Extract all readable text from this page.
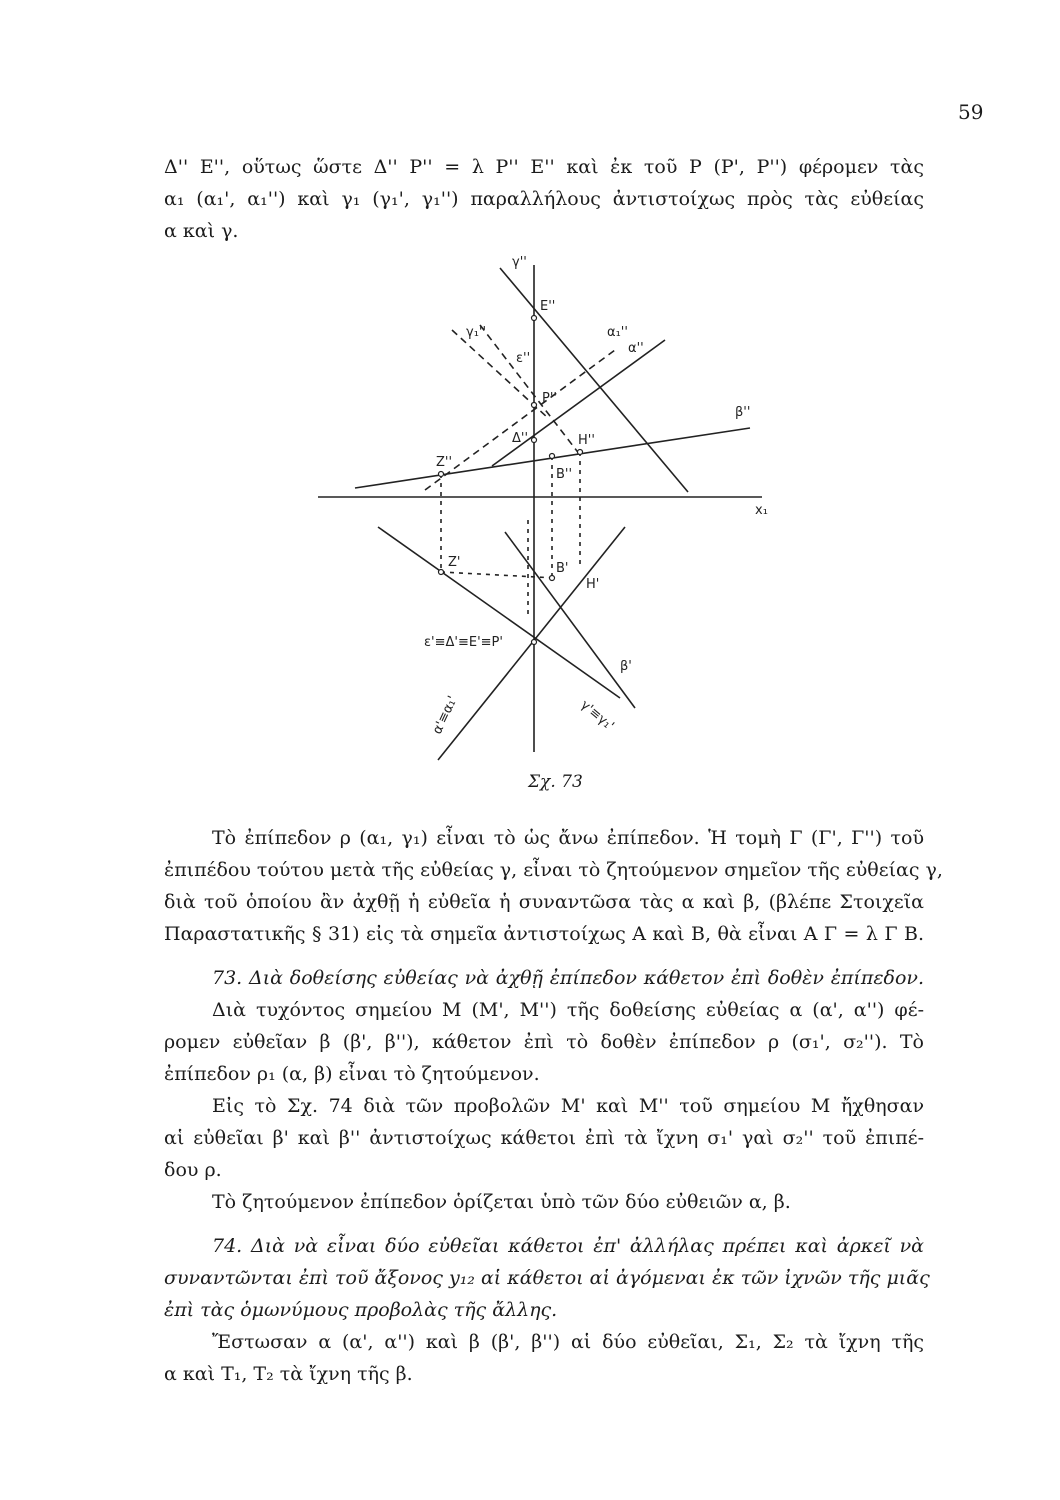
59
Δ'' Ε'', οὕτως ὥστε Δ'' Ρ'' = λ Ρ'' Ε'' καὶ ἐκ τοῦ Ρ (Ρ', Ρ'') φέρομεν τὰς
α₁ (α₁', α₁'') καὶ γ₁ (γ₁', γ₁'') παραλλήλους ἀντιστοίχως πρὸς τὰς εὐθείας
α καὶ γ.
γ''
E''
γ₁''
ε''
α₁''
α''
P''
β''
Δ''	H''
Z''
B''
x₁
Z'	B'
H'
ε'≡Δ'≡E'≡P'
β'
γ'≡γ₁'
α'≡α₁'
Σχ. 73
Τὸ ἐπίπεδον ρ (α₁, γ₁) εἶναι τὸ ὡς ἄνω ἐπίπεδον. Ἡ τομὴ Γ (Γ', Γ'') τοῦ
ἐπιπέδου τούτου μετὰ τῆς εὐθείας γ, εἶναι τὸ ζητούμενον σημεῖον τῆς εὐθείας γ,
διὰ τοῦ ὁποίου ἂν ἀχθῇ ἡ εὐθεῖα ἡ συναντῶσα τὰς α καὶ β, (βλέπε Στοιχεῖα
Παραστατικῆς § 31) εἰς τὰ σημεῖα ἀντιστοίχως Α καὶ Β, θὰ εἶναι Α Γ = λ Γ Β.
73. Διὰ δοθείσης εὐθείας νὰ ἀχθῇ ἐπίπεδον κάθετον ἐπὶ δοθὲν ἐπίπεδον.
Διὰ τυχόντος σημείου Μ (Μ', Μ'') τῆς δοθείσης εὐθείας α (α', α'') φέ-
ρομεν εὐθεῖαν β (β', β''), κάθετον ἐπὶ τὸ δοθὲν ἐπίπεδον ρ (σ₁', σ₂''). Τὸ
ἐπίπεδον ρ₁ (α, β) εἶναι τὸ ζητούμενον.
Εἰς τὸ Σχ. 74 διὰ τῶν προβολῶν Μ' καὶ Μ'' τοῦ σημείου Μ ἤχθησαν
αἱ εὐθεῖαι β' καὶ β'' ἀντιστοίχως κάθετοι ἐπὶ τὰ ἴχνη σ₁' γαὶ σ₂'' τοῦ ἐπιπέ-
δου ρ.
Τὸ ζητούμενον ἐπίπεδον ὁρίζεται ὑπὸ τῶν δύο εὐθειῶν α, β.
74. Διὰ νὰ εἶναι δύο εὐθεῖαι κάθετοι ἐπ' ἀλλήλας πρέπει καὶ ἀρκεῖ νὰ
συναντῶνται ἐπὶ τοῦ ἄξονος y₁₂ αἱ κάθετοι αἱ ἀγόμεναι ἐκ τῶν ἰχνῶν τῆς μιᾶς
ἐπὶ τὰς ὁμωνύμους προβολὰς τῆς ἄλλης.
Ἔστωσαν α (α', α'') καὶ β (β', β'') αἱ δύο εὐθεῖαι, Σ₁, Σ₂ τὰ ἴχνη τῆς
α καὶ Τ₁, Τ₂ τὰ ἴχνη τῆς β.
